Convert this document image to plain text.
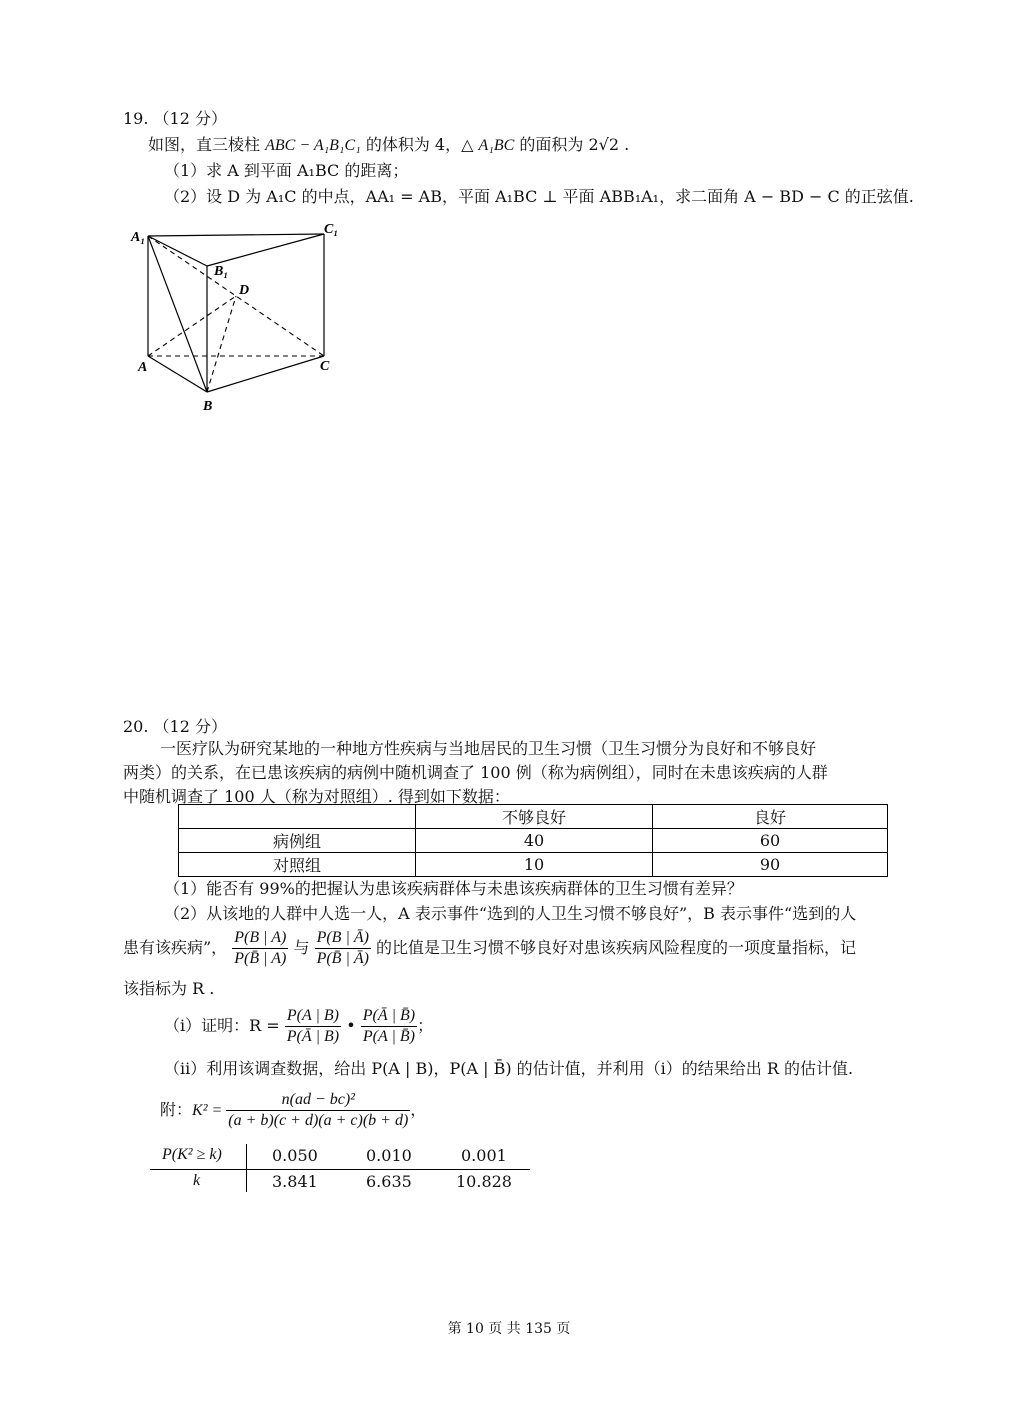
19. （12 分）
如图，直三棱柱 ABC − A₁B₁C₁ 的体积为 4，△ A₁BC 的面积为 2√2 .
（1）求 A 到平面 A₁BC 的距离；
（2）设 D 为 A₁C 的中点，AA₁ = AB，平面 A₁BC ⊥ 平面 ABB₁A₁，求二面角 A − BD − C 的正弦值.
A₁
C₁
B₁
D
A	C
B
20. （12 分）
一医疗队为研究某地的一种地方性疾病与当地居民的卫生习惯（卫生习惯分为良好和不够良好
两类）的关系，在已患该疾病的病例中随机调查了 100 例（称为病例组），同时在未患该疾病的人群
中随机调查了 100 人（称为对照组）. 得到如下数据：
	不够良好	良好
病例组	40	60
对照组	10	90
（1）能否有 99%的把握认为患该疾病群体与未患该疾病群体的卫生习惯有差异？
（2）从该地的人群中人选一人，A 表示事件“选到的人卫生习惯不够良好”，B 表示事件“选到的人
患有该疾病”， $\frac{P(B | A)}{P(B̄ | A)}$ 与 $\frac{P(B | Ā)}{P(B̄ | Ā)}$ 的比值是卫生习惯不够良好对患该疾病风险程度的一项度量指标，记
该指标为 R .
（i）证明：$R = \frac{P(A | B)}{P(Ā | B)}$ • $\frac{P(Ā | B̄)}{P(A | B̄)}$ ；
（ii）利用该调查数据，给出 P(A | B)，P(A | B̄) 的估计值，并利用（i）的结果给出 R 的估计值.
附：$K^2 = \frac{\text{n(ad − bc)²}}{(a + b)(c + d)(a + c)(b + d)}$ ，
P(K² ≥ k)	0.050	0.010	0.001
k	3.841	6.635	10.828
第 10 页 共 135 页
